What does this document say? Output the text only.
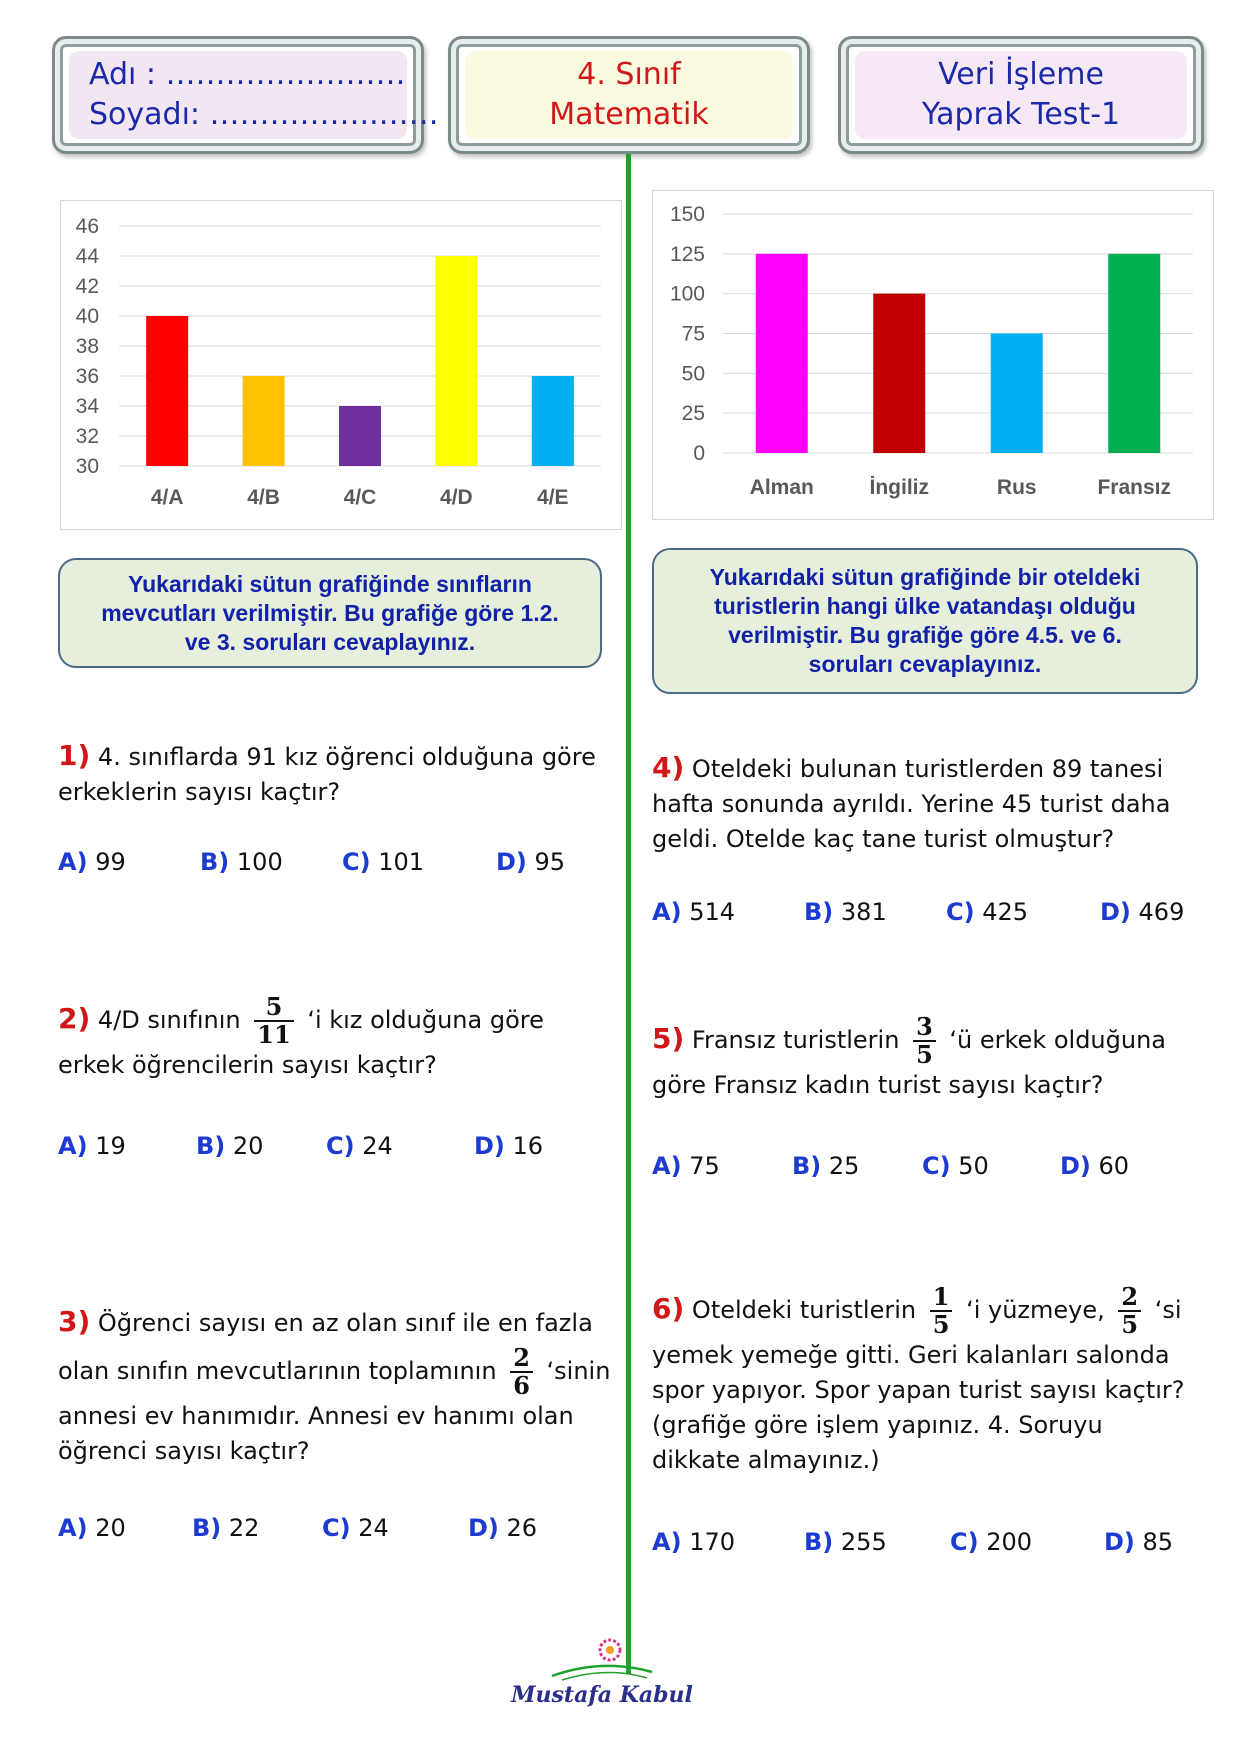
Adı : ……………………
Soyadı: ……………..……
4. Sınıf
Matematik
Veri İşleme
Yaprak Test-1
30
32
34
36
38
40
42
44
46
4/A	4/B	4/C	4/D	4/E
0
25
50
75
100
125
150
Alman	İngiliz	Rus	Fransız
Yukarıdaki sütun grafiğinde sınıfların
mevcutları verilmiştir. Bu grafiğe göre 1.2.
ve 3. soruları cevaplayınız.
Yukarıdaki sütun grafiğinde bir oteldeki
turistlerin hangi ülke vatandaşı olduğu
verilmiştir. Bu grafiğe göre 4.5. ve 6.
soruları cevaplayınız.
1) 4. sınıflarda 91 kız öğrenci olduğuna göre erkeklerin sayısı kaçtır?
A) 99	B) 100 C) 101	D) 95
2) 4/D sınıfının $\frac{5}{11}$ ‘i kız olduğuna göre
erkek öğrencilerin sayısı kaçtır?
A) 19	B) 20	C) 24	D) 16
3) Öğrenci sayısı en az olan sınıf ile en fazla
olan sınıfın mevcutlarının toplamının $\frac{2}{6}$ ‘sinin
annesi ev hanımıdır. Annesi ev hanımı olan
öğrenci sayısı kaçtır?
A) 20	B) 22	C) 24	D) 26
4) Oteldeki bulunan turistlerden 89 tanesi
hafta sonunda ayrıldı. Yerine 45 turist daha
geldi. Otelde kaç tane turist olmuştur?
A) 514	B) 381 C) 425	D) 469
5) Fransız turistlerin $\frac{3}{5}$ ‘ü erkek olduğuna
göre Fransız kadın turist sayısı kaçtır?
A) 75	B) 25	C) 50	D) 60
6) Oteldeki turistlerin $\frac{1}{5}$ ‘i yüzmeye, $\frac{2}{5}$ ‘si
yemek yemeğe gitti. Geri kalanları salonda
spor yapıyor. Spor yapan turist sayısı kaçtır?
(grafiğe göre işlem yapınız. 4. Soruyu
dikkate almayınız.)
A) 170	B) 255	C) 200	D) 85
Mustafa Kabul
